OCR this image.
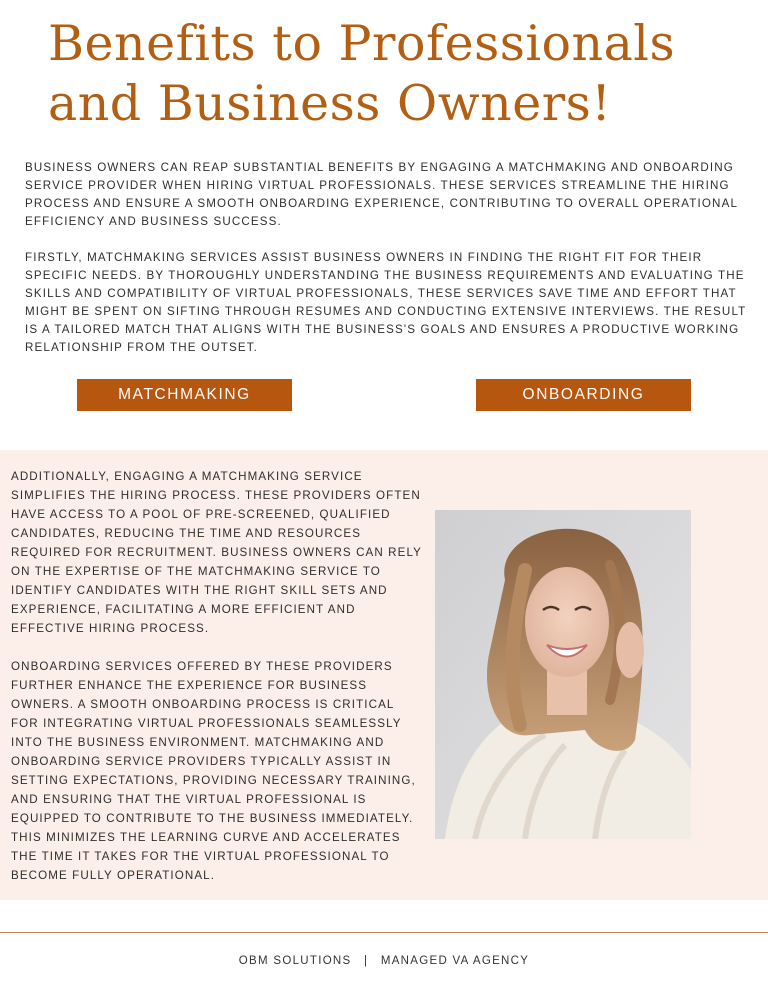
Benefits to Professionals
and Business Owners!

BUSINESS OWNERS CAN REAP SUBSTANTIAL BENEFITS BY ENGAGING A MATCHMAKING AND ONBOARDING SERVICE PROVIDER WHEN HIRING VIRTUAL PROFESSIONALS. THESE SERVICES STREAMLINE THE HIRING PROCESS AND ENSURE A SMOOTH ONBOARDING EXPERIENCE, CONTRIBUTING TO OVERALL OPERATIONAL EFFICIENCY AND BUSINESS SUCCESS.

FIRSTLY, MATCHMAKING SERVICES ASSIST BUSINESS OWNERS IN FINDING THE RIGHT FIT FOR THEIR SPECIFIC NEEDS. BY THOROUGHLY UNDERSTANDING THE BUSINESS REQUIREMENTS AND EVALUATING THE SKILLS AND COMPATIBILITY OF VIRTUAL PROFESSIONALS, THESE SERVICES SAVE TIME AND EFFORT THAT MIGHT BE SPENT ON SIFTING THROUGH RESUMES AND CONDUCTING EXTENSIVE INTERVIEWS. THE RESULT IS A TAILORED MATCH THAT ALIGNS WITH THE BUSINESS'S GOALS AND ENSURES A PRODUCTIVE WORKING RELATIONSHIP FROM THE OUTSET.

MATCHMAKING	ONBOARDING

ADDITIONALLY, ENGAGING A MATCHMAKING SERVICE SIMPLIFIES THE HIRING PROCESS. THESE PROVIDERS OFTEN HAVE ACCESS TO A POOL OF PRE-SCREENED, QUALIFIED CANDIDATES, REDUCING THE TIME AND RESOURCES REQUIRED FOR RECRUITMENT. BUSINESS OWNERS CAN RELY ON THE EXPERTISE OF THE MATCHMAKING SERVICE TO IDENTIFY CANDIDATES WITH THE RIGHT SKILL SETS AND EXPERIENCE, FACILITATING A MORE EFFICIENT AND EFFECTIVE HIRING PROCESS.

ONBOARDING SERVICES OFFERED BY THESE PROVIDERS FURTHER ENHANCE THE EXPERIENCE FOR BUSINESS OWNERS. A SMOOTH ONBOARDING PROCESS IS CRITICAL FOR INTEGRATING VIRTUAL PROFESSIONALS SEAMLESSLY INTO THE BUSINESS ENVIRONMENT. MATCHMAKING AND ONBOARDING SERVICE PROVIDERS TYPICALLY ASSIST IN SETTING EXPECTATIONS, PROVIDING NECESSARY TRAINING, AND ENSURING THAT THE VIRTUAL PROFESSIONAL IS EQUIPPED TO CONTRIBUTE TO THE BUSINESS IMMEDIATELY. THIS MINIMIZES THE LEARNING CURVE AND ACCELERATES THE TIME IT TAKES FOR THE VIRTUAL PROFESSIONAL TO BECOME FULLY OPERATIONAL.

OBM SOLUTIONS | MANAGED VA AGENCY
